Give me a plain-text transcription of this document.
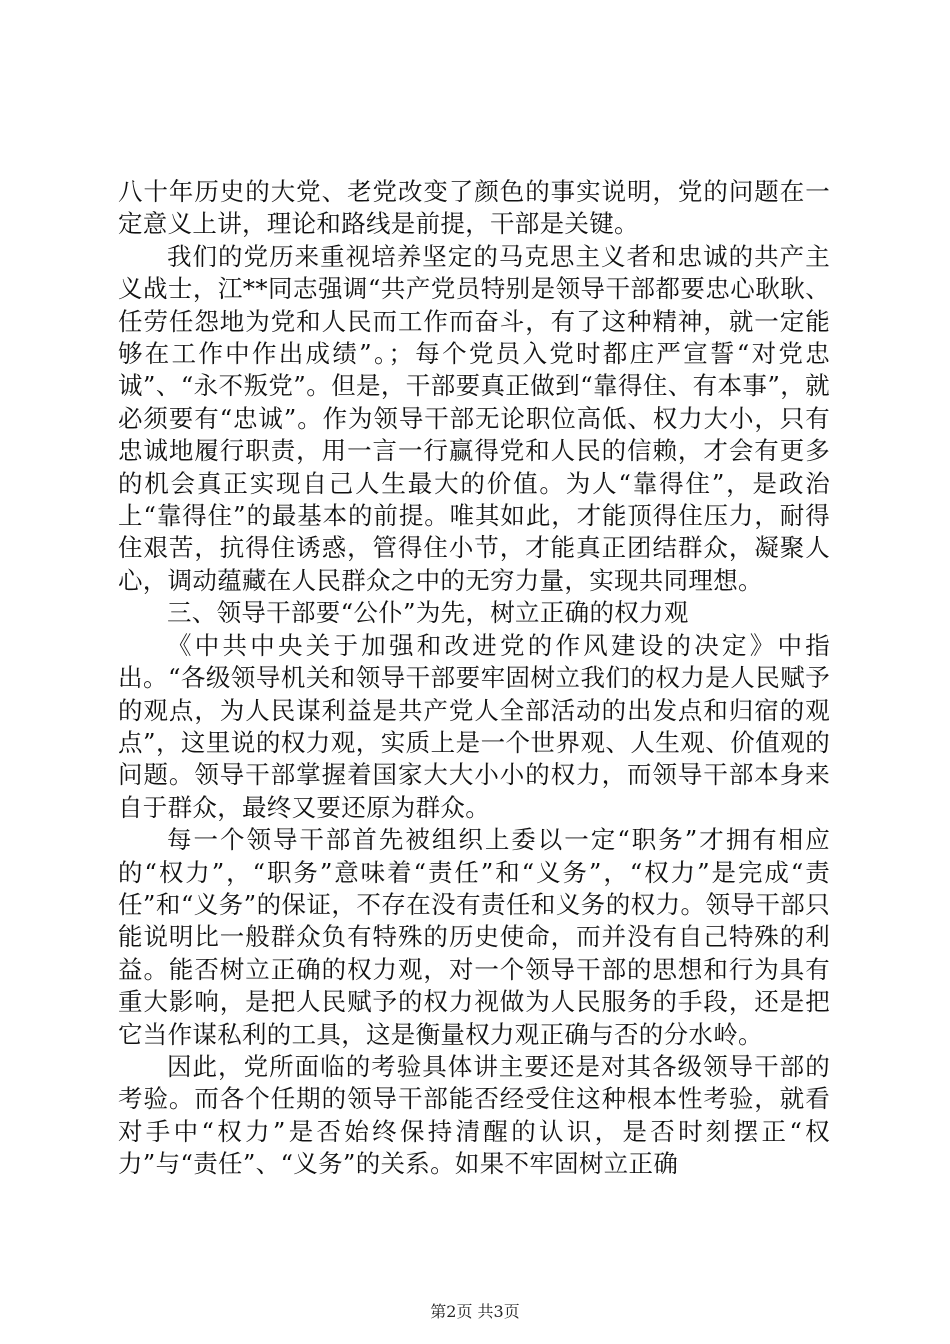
八十年历史的大党、老党改变了颜色的事实说明，党的问题在一定意义上讲，理论和路线是前提，干部是关键。

我们的党历来重视培养坚定的马克思主义者和忠诚的共产主义战士，江**同志强调“共产党员特别是领导干部都要忠心耿耿、任劳任怨地为党和人民而工作而奋斗，有了这种精神，就一定能够在工作中作出成绩”。；每个党员入党时都庄严宣誓“对党忠诚”、“永不叛党”。但是，干部要真正做到“靠得住、有本事”，就必须要有“忠诚”。作为领导干部无论职位高低、权力大小，只有忠诚地履行职责，用一言一行赢得党和人民的信赖，才会有更多的机会真正实现自己人生最大的价值。为人“靠得住”，是政治上“靠得住”的最基本的前提。唯其如此，才能顶得住压力，耐得住艰苦，抗得住诱惑，管得住小节，才能真正团结群众，凝聚人心，调动蕴藏在人民群众之中的无穷力量，实现共同理想。

三、领导干部要“公仆”为先，树立正确的权力观

《中共中央关于加强和改进党的作风建设的决定》中指出。“各级领导机关和领导干部要牢固树立我们的权力是人民赋予的观点，为人民谋利益是共产党人全部活动的出发点和归宿的观点”，这里说的权力观，实质上是一个世界观、人生观、价值观的问题。领导干部掌握着国家大大小小的权力，而领导干部本身来自于群众，最终又要还原为群众。

每一个领导干部首先被组织上委以一定“职务”才拥有相应的“权力”，“职务”意味着“责任”和“义务”，“权力”是完成“责任”和“义务”的保证，不存在没有责任和义务的权力。领导干部只能说明比一般群众负有特殊的历史使命，而并没有自己特殊的利益。能否树立正确的权力观，对一个领导干部的思想和行为具有重大影响，是把人民赋予的权力视做为人民服务的手段，还是把它当作谋私利的工具，这是衡量权力观正确与否的分水岭。

因此，党所面临的考验具体讲主要还是对其各级领导干部的考验。而各个任期的领导干部能否经受住这种根本性考验，就看对手中“权力”是否始终保持清醒的认识，是否时刻摆正“权力”与“责任”、“义务”的关系。如果不牢固树立正确

第2页 共3页
